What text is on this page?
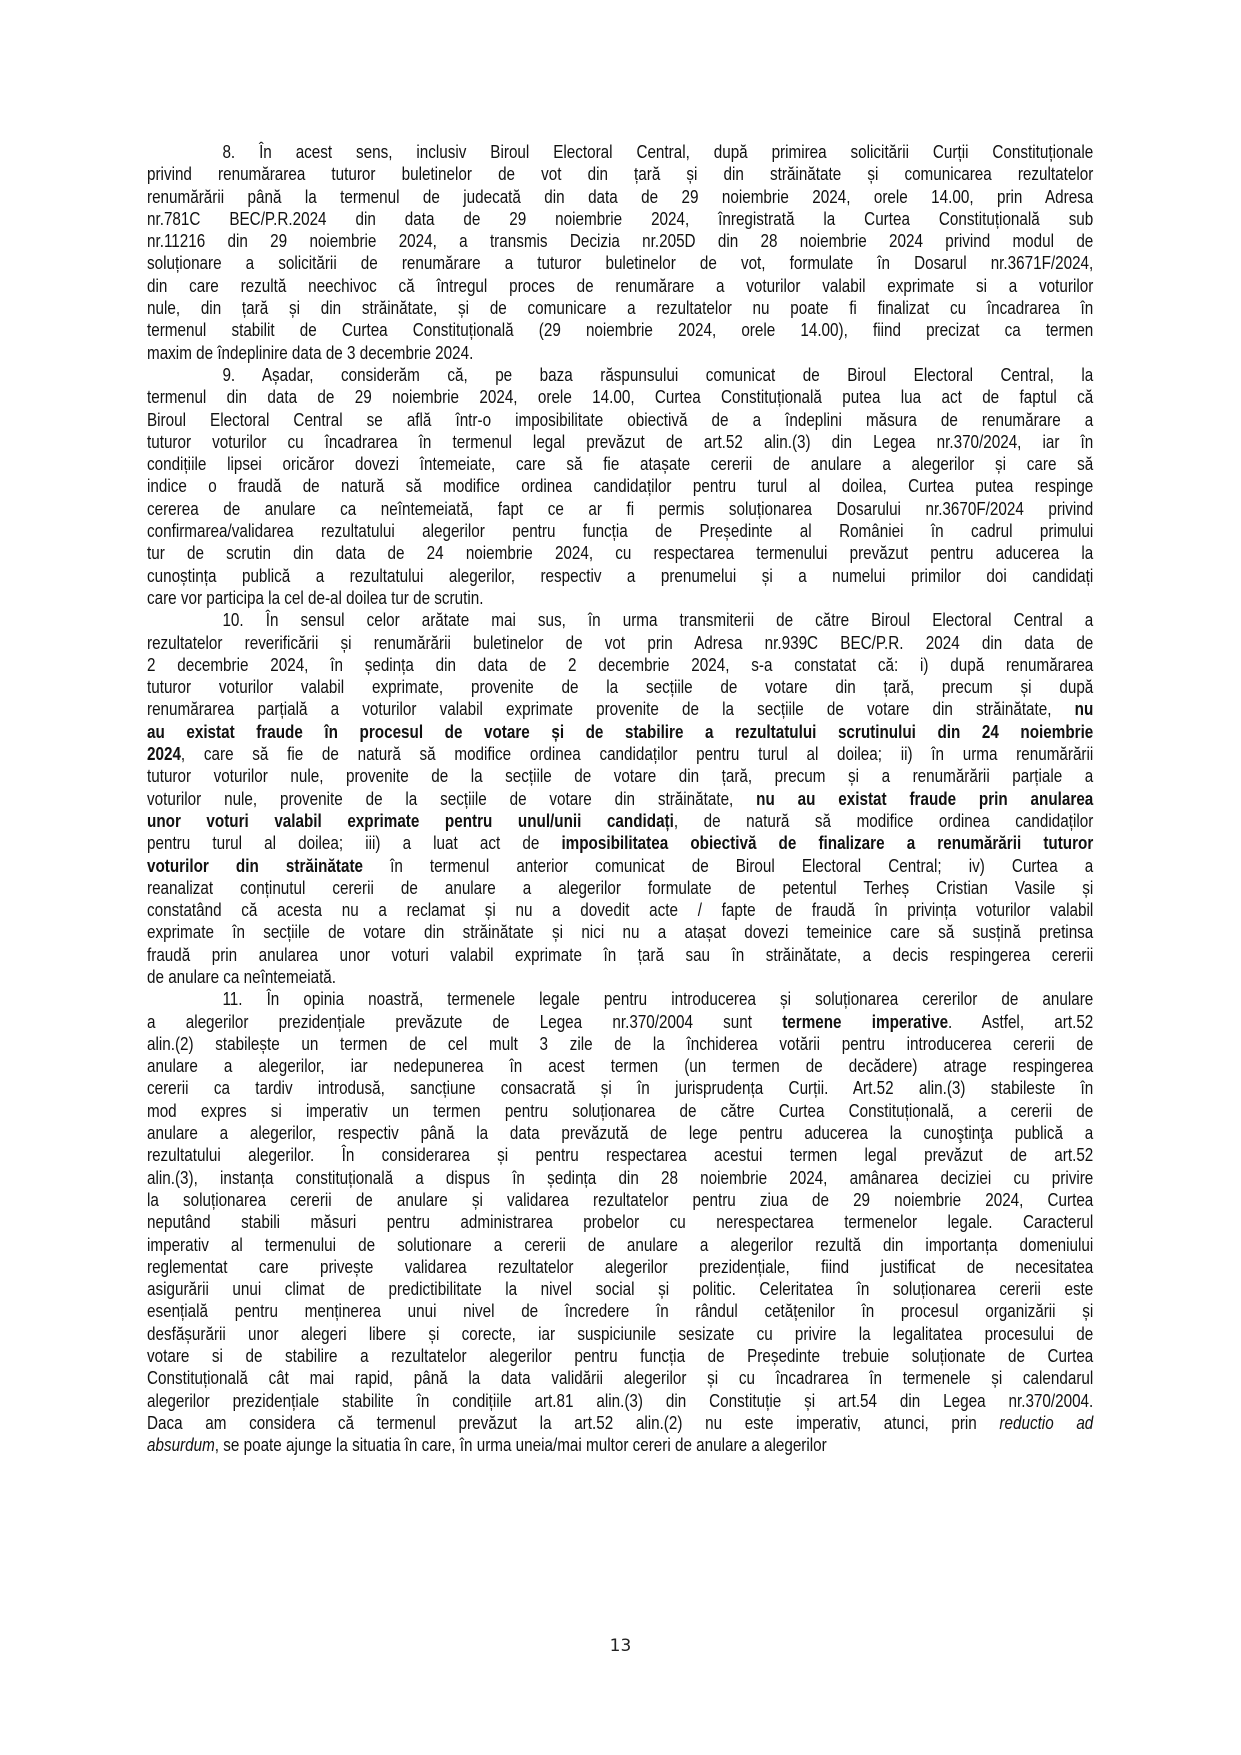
8. În acest sens, inclusiv Biroul Electoral Central, după primirea solicitării Curții Constituționale
privind renumărarea tuturor buletinelor de vot din țară și din străinătate și comunicarea rezultatelor
renumărării până la termenul de judecată din data de 29 noiembrie 2024, orele 14.00, prin Adresa
nr.781C BEC/P.R.2024 din data de 29 noiembrie 2024, înregistrată la Curtea Constituțională sub
nr.11216 din 29 noiembrie 2024, a transmis Decizia nr.205D din 28 noiembrie 2024 privind modul de
soluționare a solicitării de renumărare a tuturor buletinelor de vot, formulate în Dosarul nr.3671F/2024,
din care rezultă neechivoc că întregul proces de renumărare a voturilor valabil exprimate si a voturilor
nule, din țară și din străinătate, și de comunicare a rezultatelor nu poate fi finalizat cu încadrarea în
termenul stabilit de Curtea Constituțională (29 noiembrie 2024, orele 14.00), fiind precizat ca termen
maxim de îndeplinire data de 3 decembrie 2024.
9. Așadar, considerăm că, pe baza răspunsului comunicat de Biroul Electoral Central, la
termenul din data de 29 noiembrie 2024, orele 14.00, Curtea Constituțională putea lua act de faptul că
Biroul Electoral Central se află într-o imposibilitate obiectivă de a îndeplini măsura de renumărare a
tuturor voturilor cu încadrarea în termenul legal prevăzut de art.52 alin.(3) din Legea nr.370/2024, iar în
condițiile lipsei oricăror dovezi întemeiate, care să fie atașate cererii de anulare a alegerilor și care să
indice o fraudă de natură să modifice ordinea candidaților pentru turul al doilea, Curtea putea respinge
cererea de anulare ca neîntemeiată, fapt ce ar fi permis soluționarea Dosarului nr.3670F/2024 privind
confirmarea/validarea rezultatului alegerilor pentru funcția de Președinte al României în cadrul primului
tur de scrutin din data de 24 noiembrie 2024, cu respectarea termenului prevăzut pentru aducerea la
cunoștința publică a rezultatului alegerilor, respectiv a prenumelui și a numelui primilor doi candidați
care vor participa la cel de-al doilea tur de scrutin.
10. În sensul celor arătate mai sus, în urma transmiterii de către Biroul Electoral Central a
rezultatelor reverificării și renumărării buletinelor de vot prin Adresa nr.939C BEC/P.R. 2024 din data de
2 decembrie 2024, în ședința din data de 2 decembrie 2024, s-a constatat că: i) după renumărarea
tuturor voturilor valabil exprimate, provenite de la secțiile de votare din țară, precum și după
renumărarea parțială a voturilor valabil exprimate provenite de la secțiile de votare din străinătate, nu
au existat fraude în procesul de votare și de stabilire a rezultatului scrutinului din 24 noiembrie
2024, care să fie de natură să modifice ordinea candidaților pentru turul al doilea; ii) în urma renumărării
tuturor voturilor nule, provenite de la secțiile de votare din țară, precum și a renumărării parțiale a
voturilor nule, provenite de la secțiile de votare din străinătate, nu au existat fraude prin anularea
unor voturi valabil exprimate pentru unul/unii candidați, de natură să modifice ordinea candidaților
pentru turul al doilea; iii) a luat act de imposibilitatea obiectivă de finalizare a renumărării tuturor
voturilor din străinătate în termenul anterior comunicat de Biroul Electoral Central; iv) Curtea a
reanalizat conținutul cererii de anulare a alegerilor formulate de petentul Terheș Cristian Vasile și
constatând că acesta nu a reclamat și nu a dovedit acte / fapte de fraudă în privința voturilor valabil
exprimate în secțiile de votare din străinătate și nici nu a atașat dovezi temeinice care să susțină pretinsa
fraudă prin anularea unor voturi valabil exprimate în țară sau în străinătate, a decis respingerea cererii
de anulare ca neîntemeiată.
11. În opinia noastră, termenele legale pentru introducerea și soluționarea cererilor de anulare
a alegerilor prezidențiale prevăzute de Legea nr.370/2004 sunt termene imperative. Astfel, art.52
alin.(2) stabilește un termen de cel mult 3 zile de la închiderea votării pentru introducerea cererii de
anulare a alegerilor, iar nedepunerea în acest termen (un termen de decădere) atrage respingerea
cererii ca tardiv introdusă, sancțiune consacrată și în jurisprudența Curții. Art.52 alin.(3) stabileste în
mod expres si imperativ un termen pentru soluționarea de către Curtea Constituțională, a cererii de
anulare a alegerilor, respectiv până la data prevăzută de lege pentru aducerea la cunoştinţa publică a
rezultatului alegerilor. În considerarea și pentru respectarea acestui termen legal prevăzut de art.52
alin.(3), instanța constituțională a dispus în ședința din 28 noiembrie 2024, amânarea deciziei cu privire
la soluționarea cererii de anulare și validarea rezultatelor pentru ziua de 29 noiembrie 2024, Curtea
neputând stabili măsuri pentru administrarea probelor cu nerespectarea termenelor legale. Caracterul
imperativ al termenului de solutionare a cererii de anulare a alegerilor rezultă din importanța domeniului
reglementat care privește validarea rezultatelor alegerilor prezidențiale, fiind justificat de necesitatea
asigurării unui climat de predictibilitate la nivel social și politic. Celeritatea în soluționarea cererii este
esențială pentru menținerea unui nivel de încredere în rândul cetățenilor în procesul organizării și
desfășurării unor alegeri libere și corecte, iar suspiciunile sesizate cu privire la legalitatea procesului de
votare si de stabilire a rezultatelor alegerilor pentru funcția de Președinte trebuie soluționate de Curtea
Constituțională cât mai rapid, până la data validării alegerilor și cu încadrarea în termenele și calendarul
alegerilor prezidențiale stabilite în condițiile art.81 alin.(3) din Constituție și art.54 din Legea nr.370/2004.
Daca am considera că termenul prevăzut la art.52 alin.(2) nu este imperativ, atunci, prin reductio ad
absurdum, se poate ajunge la situatia în care, în urma uneia/mai multor cereri de anulare a alegerilor
13
